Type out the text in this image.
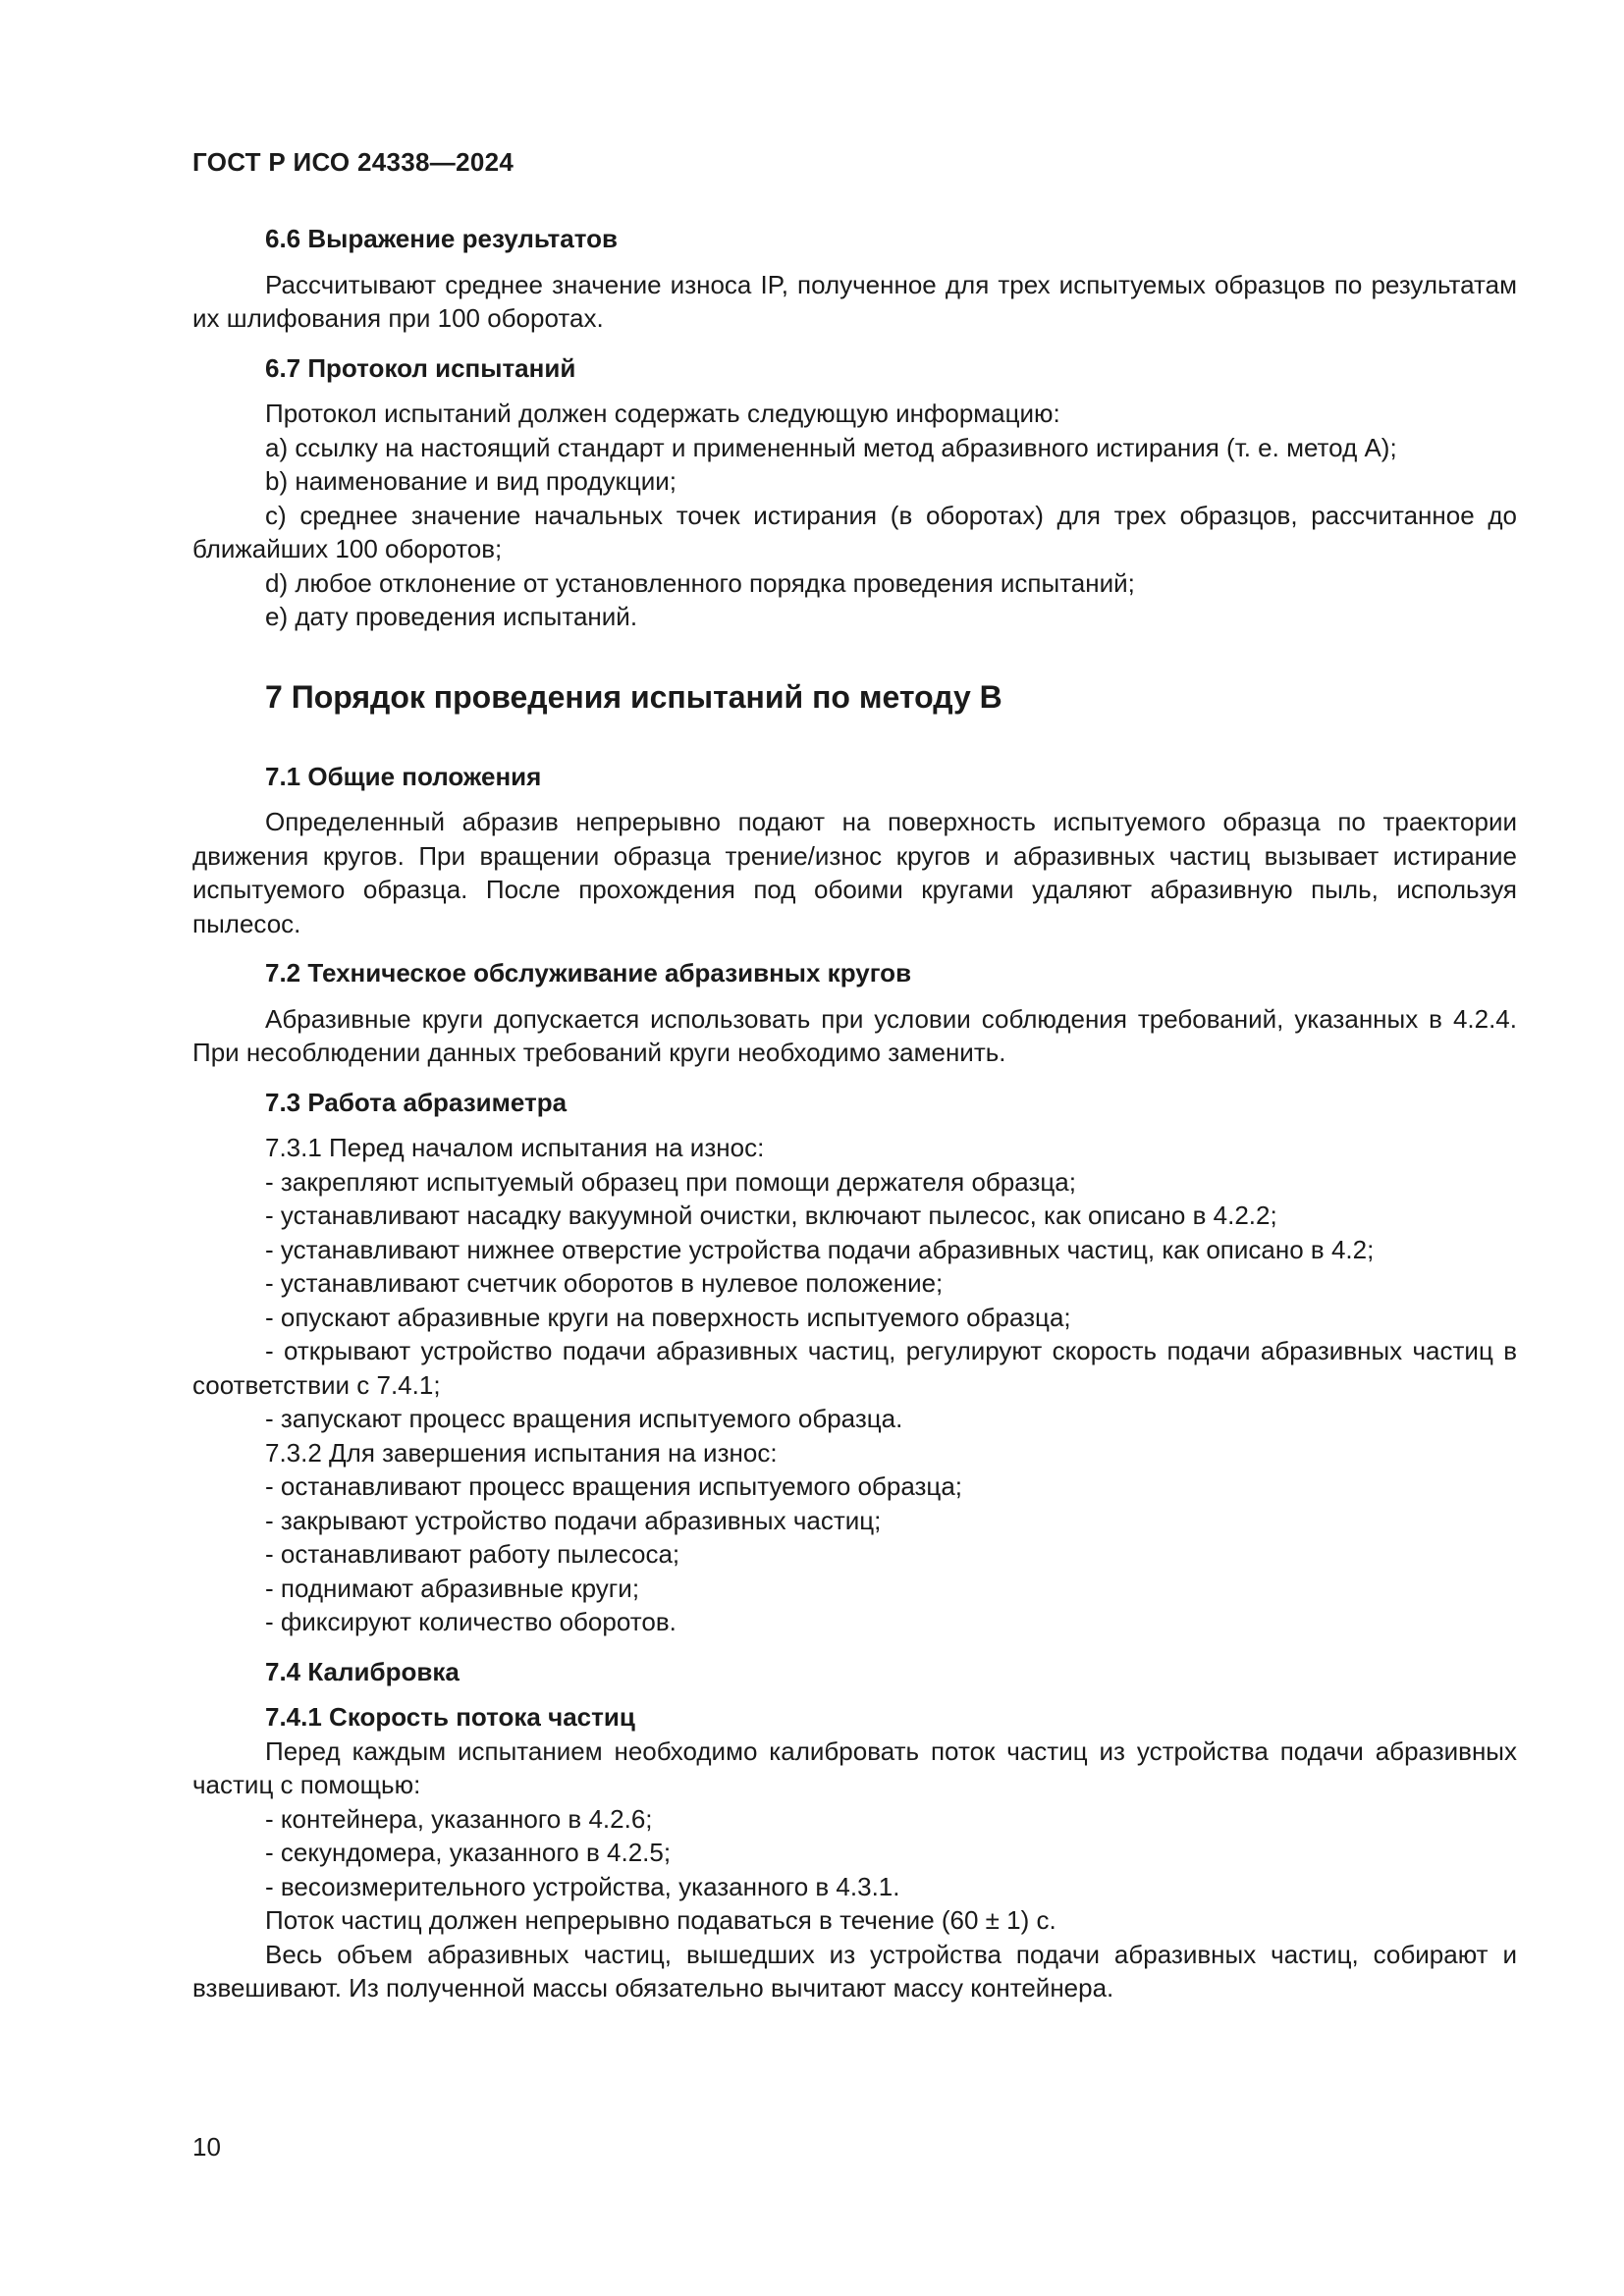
ГОСТ Р ИСО 24338—2024
6.6 Выражение результатов

Рассчитывают среднее значение износа IP, полученное для трех испытуемых образцов по результатам их шлифования при 100 оборотах.

6.7 Протокол испытаний

Протокол испытаний должен содержать следующую информацию:

a) ссылку на настоящий стандарт и примененный метод абразивного истирания (т. е. метод А);

b) наименование и вид продукции;

c) среднее значение начальных точек истирания (в оборотах) для трех образцов, рассчитанное до ближайших 100 оборотов;

d) любое отклонение от установленного порядка проведения испытаний;

e) дату проведения испытаний.

7 Порядок проведения испытаний по методу В
7.1 Общие положения

Определенный абразив непрерывно подают на поверхность испытуемого образца по траектории движения кругов. При вращении образца трение/износ кругов и абразивных частиц вызывает истирание испытуемого образца. После прохождения под обоими кругами удаляют абразивную пыль, используя пылесос.

7.2 Техническое обслуживание абразивных кругов

Абразивные круги допускается использовать при условии соблюдения требований, указанных в 4.2.4. При несоблюдении данных требований круги необходимо заменить.

7.3 Работа абразиметра

7.3.1 Перед началом испытания на износ:

- закрепляют испытуемый образец при помощи держателя образца;

- устанавливают насадку вакуумной очистки, включают пылесос, как описано в 4.2.2;

- устанавливают нижнее отверстие устройства подачи абразивных частиц, как описано в 4.2;

- устанавливают счетчик оборотов в нулевое положение;

- опускают абразивные круги на поверхность испытуемого образца;

- открывают устройство подачи абразивных частиц, регулируют скорость подачи абразивных частиц в соответствии с 7.4.1;

- запускают процесс вращения испытуемого образца.

7.3.2 Для завершения испытания на износ:

- останавливают процесс вращения испытуемого образца;

- закрывают устройство подачи абразивных частиц;

- останавливают работу пылесоса;

- поднимают абразивные круги;

- фиксируют количество оборотов.

7.4 Калибровка
7.4.1 Скорость потока частиц

Перед каждым испытанием необходимо калибровать поток частиц из устройства подачи абразивных частиц с помощью:

- контейнера, указанного в 4.2.6;

- секундомера, указанного в 4.2.5;

- весоизмерительного устройства, указанного в 4.3.1.

Поток частиц должен непрерывно подаваться в течение (60 ± 1) с.

Весь объем абразивных частиц, вышедших из устройства подачи абразивных частиц, собирают и взвешивают. Из полученной массы обязательно вычитают массу контейнера.

10
